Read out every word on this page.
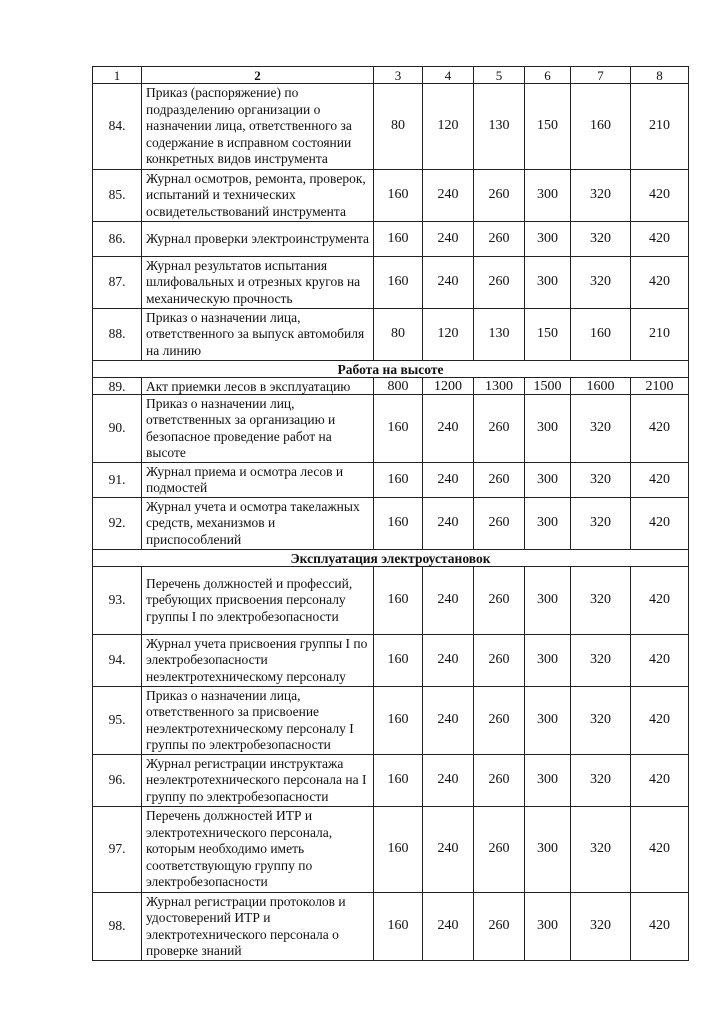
1	2	3	4	5	6	7	8
84.	Приказ (распоряжение) по подразделению организации о назначении лица, ответственного за содержание в исправном состоянии конкретных видов инструмента	80	120	130	150	160	210
85.	Журнал осмотров, ремонта, проверок, испытаний и технических освидетельствований инструмента	160	240	260	300	320	420
86.	Журнал проверки электроинструмента	160	240	260	300	320	420
87.	Журнал результатов испытания шлифовальных и отрезных кругов на механическую прочность	160	240	260	300	320	420
88.	Приказ о назначении лица, ответственного за выпуск автомобиля на линию	80	120	130	150	160	210
Работа на высоте							
89.	Акт приемки лесов в эксплуатацию	800	1200	1300	1500	1600	2100
90.	Приказ о назначении лиц, ответственных за организацию и безопасное проведение работ на высоте	160	240	260	300	320	420
91.	Журнал приема и осмотра лесов и подмостей	160	240	260	300	320	420
92.	Журнал учета и осмотра такелажных средств, механизмов и приспособлений	160	240	260	300	320	420
Эксплуатация электроустановок							
93.	Перечень должностей и профессий, требующих присвоения персоналу группы I по электробезопасности	160	240	260	300	320	420
94.	Журнал учета присвоения группы I по электробезопасности неэлектротехническому персоналу	160	240	260	300	320	420
95.	Приказ о назначении лица, ответственного за присвоение неэлектротехническому персоналу I группы по электробезопасности	160	240	260	300	320	420
96.	Журнал регистрации инструктажа неэлектротехнического персонала на I группу по электробезопасности	160	240	260	300	320	420
97.	Перечень должностей ИТР и электротехнического персонала, которым необходимо иметь соответствующую группу по электробезопасности	160	240	260	300	320	420
98.	Журнал регистрации протоколов и удостоверений ИТР и электротехнического персонала о проверке знаний	160	240	260	300	320	420
